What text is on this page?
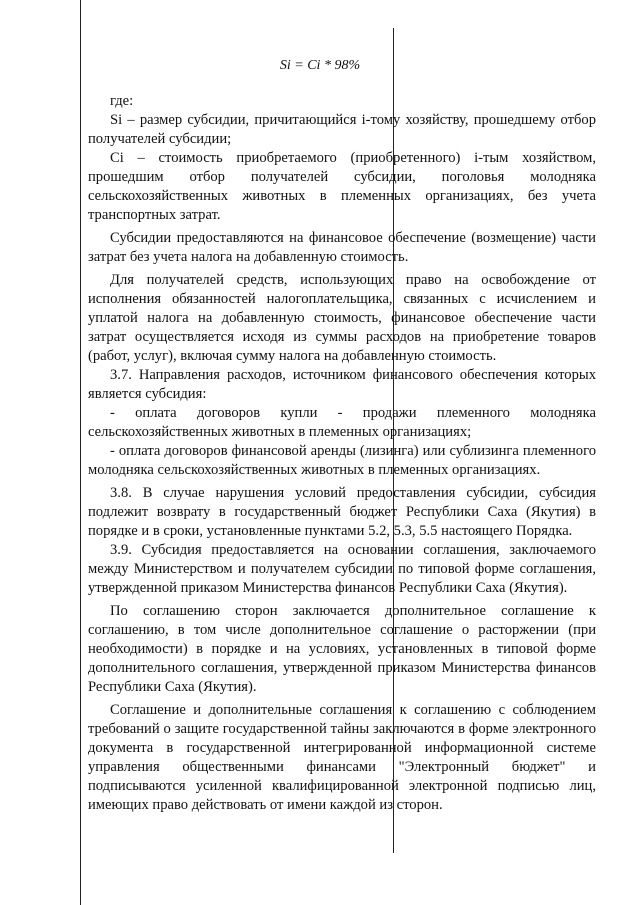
Si = Ci * 98%

где:

Si – размер субсидии, причитающийся i-тому хозяйству, прошедшему отбор получателей субсидии;

Ci – стоимость приобретаемого (приобретенного) i-тым хозяйством, прошедшим отбор получателей субсидии, поголовья молодняка сельскохозяйственных животных в племенных организациях, без учета транспортных затрат.

Субсидии предоставляются на финансовое обеспечение (возмещение) части затрат без учета налога на добавленную стоимость.

Для получателей средств, использующих право на освобождение от исполнения обязанностей налогоплательщика, связанных с исчислением и уплатой налога на добавленную стоимость, финансовое обеспечение части затрат осуществляется исходя из суммы расходов на приобретение товаров (работ, услуг), включая сумму налога на добавленную стоимость.

3.7. Направления расходов, источником финансового обеспечения которых является субсидия:

- оплата договоров купли - продажи племенного молодняка сельскохозяйственных животных в племенных организациях;

- оплата договоров финансовой аренды (лизинга) или сублизинга племенного молодняка сельскохозяйственных животных в племенных организациях.

3.8. В случае нарушения условий предоставления субсидии, субсидия подлежит возврату в государственный бюджет Республики Саха (Якутия) в порядке и в сроки, установленные пунктами 5.2, 5.3, 5.5 настоящего Порядка.

3.9. Субсидия предоставляется на основании соглашения, заключаемого между Министерством и получателем субсидии по типовой форме соглашения, утвержденной приказом Министерства финансов Республики Саха (Якутия).

По соглашению сторон заключается дополнительное соглашение к соглашению, в том числе дополнительное соглашение о расторжении (при необходимости) в порядке и на условиях, установленных в типовой форме дополнительного соглашения, утвержденной приказом Министерства финансов Республики Саха (Якутия).

Соглашение и дополнительные соглашения к соглашению с соблюдением требований о защите государственной тайны заключаются в форме электронного документа в государственной интегрированной информационной системе управления общественными финансами "Электронный бюджет" и подписываются усиленной квалифицированной электронной подписью лиц, имеющих право действовать от имени каждой из сторон.
